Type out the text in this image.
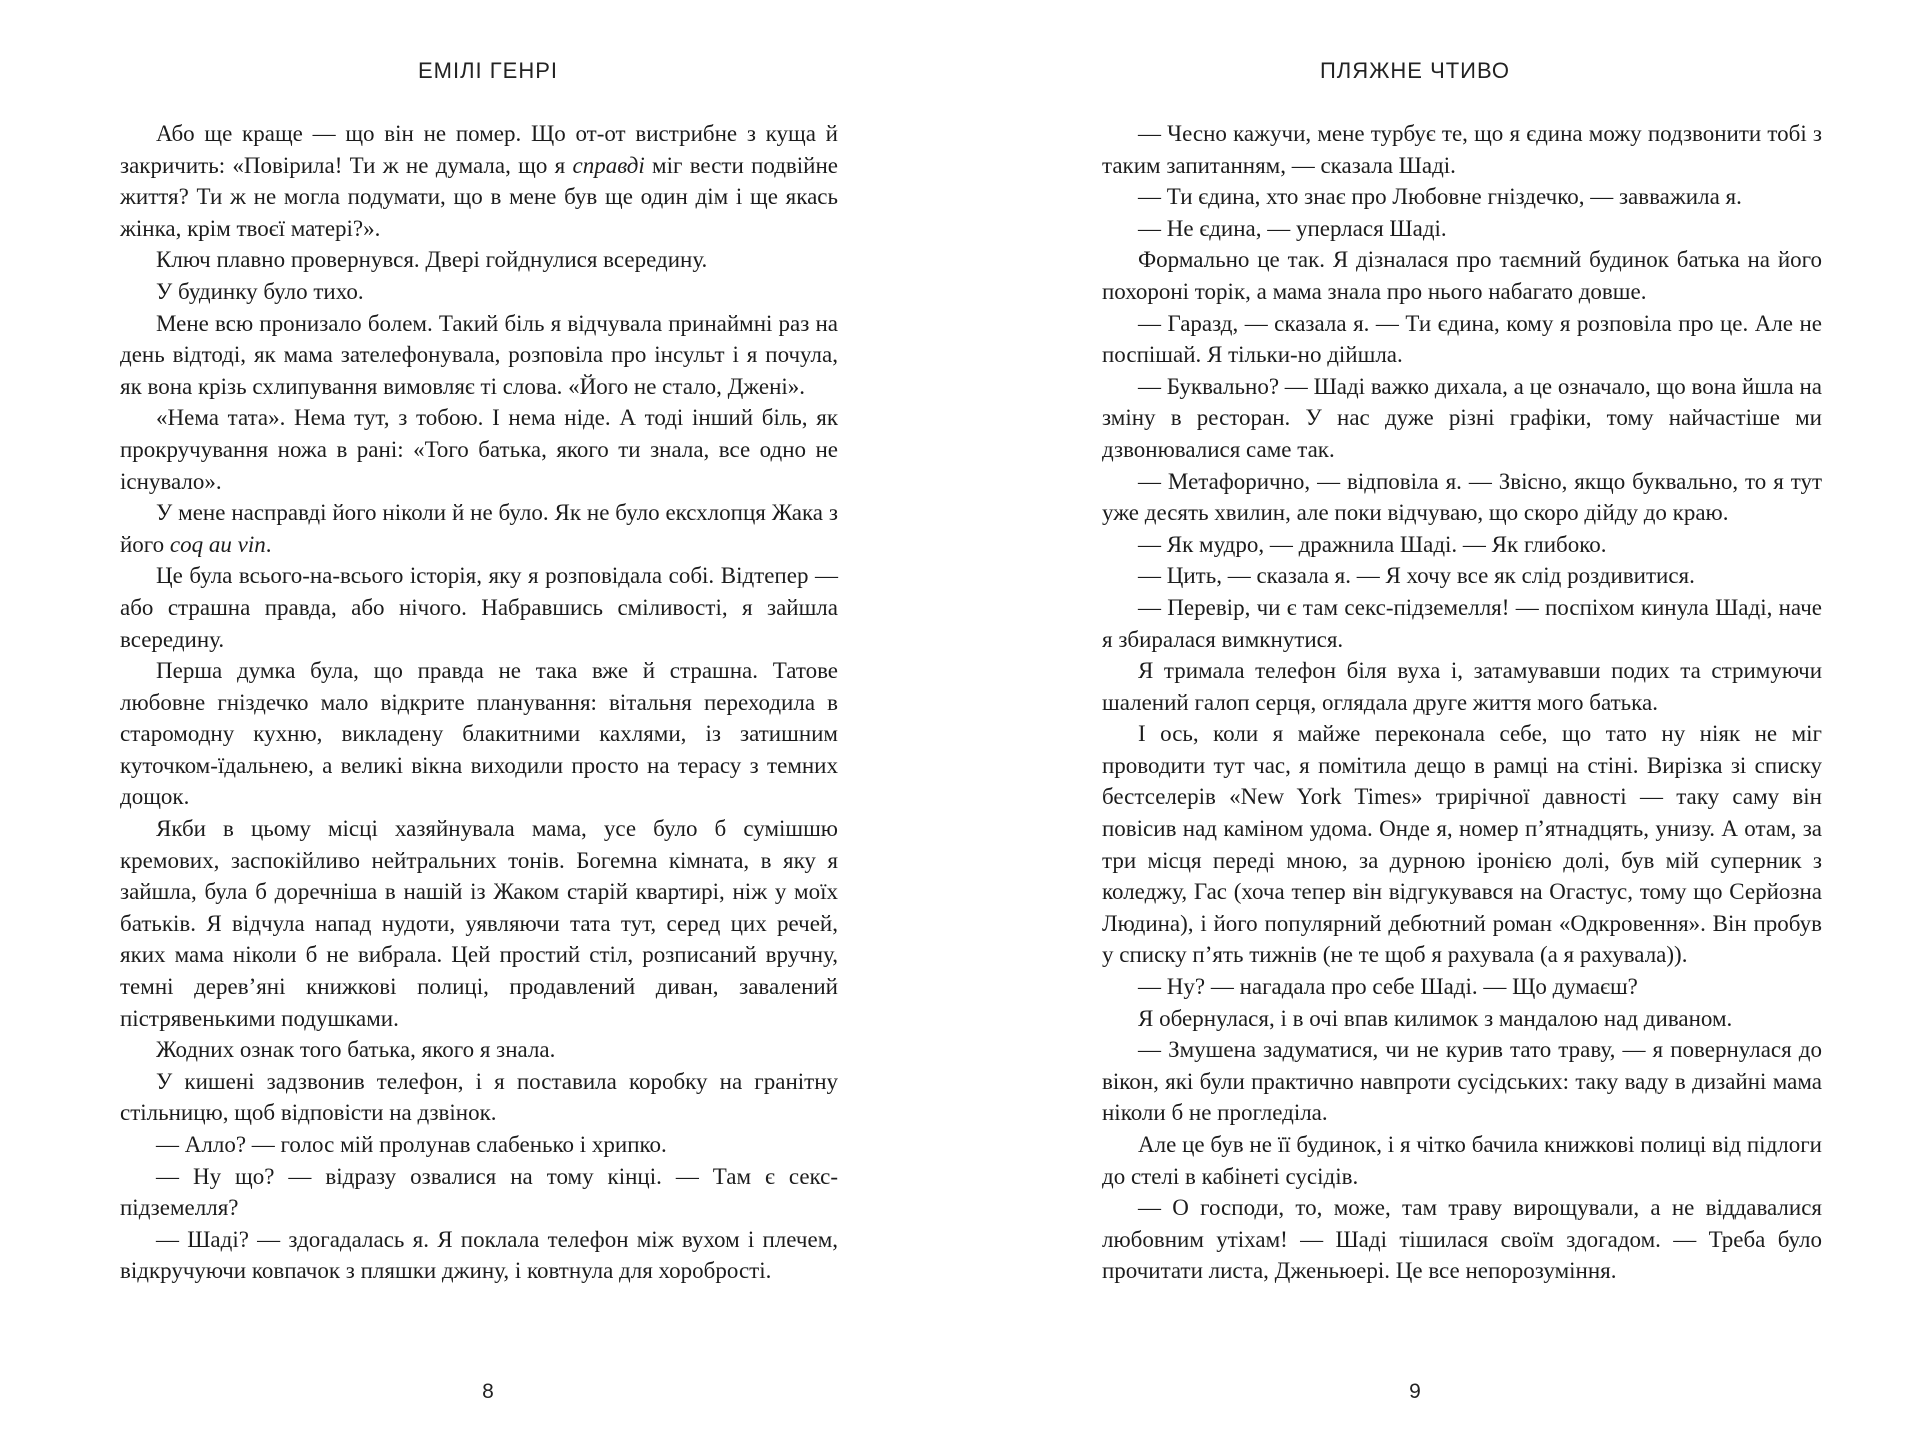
ЕМІЛІ ГЕНРІ

Або ще краще — що він не помер. Що от-от вистрибне з куща й закричить: «Повірила! Ти ж не думала, що я справді міг вести подвійне життя? Ти ж не могла подумати, що в мене був ще один дім і ще якась жінка, крім твоєї матері?».

Ключ плавно провернувся. Двері гойднулися всередину.

У будинку було тихо.

Мене всю пронизало болем. Такий біль я відчувала принаймні раз на день відтоді, як мама зателефонувала, розповіла про інсульт і я почула, як вона крізь схлипування вимовляє ті слова. «Його не стало, Джені».

«Нема тата». Нема тут, з тобою. І нема ніде. А тоді інший біль, як прокручування ножа в рані: «Того батька, якого ти знала, все одно не існувало».

У мене насправді його ніколи й не було. Як не було ексхлопця Жака з його coq au vin.

Це була всього-на-всього історія, яку я розповідала собі. Відтепер — або страшна правда, або нічого. Набравшись сміливості, я зайшла всередину.

Перша думка була, що правда не така вже й страшна. Татове любовне гніздечко мало відкрите планування: вітальня переходила в старомодну кухню, викладену блакитними кахлями, із затишним куточком-їдальнею, а великі вікна виходили просто на терасу з темних дощок.

Якби в цьому місці хазяйнувала мама, усе було б сумішшю кремових, заспокійливо нейтральних тонів. Богемна кімната, в яку я зайшла, була б доречніша в нашій із Жаком старій квартирі, ніж у моїх батьків. Я відчула напад нудоти, уявляючи тата тут, серед цих речей, яких мама ніколи б не вибрала. Цей простий стіл, розписаний вручну, темні дерев’яні книжкові полиці, продавлений диван, завалений пістрявенькими подушками.

Жодних ознак того батька, якого я знала.

У кишені задзвонив телефон, і я поставила коробку на гранітну стільницю, щоб відповісти на дзвінок.

— Алло? — голос мій пролунав слабенько і хрипко.

— Ну що? — відразу озвалися на тому кінці. — Там є секс-підземелля?

— Шаді? — здогадалась я. Я поклала телефон між вухом і плечем, відкручуючи ковпачок з пляшки джину, і ковтнула для хоробрості.

8
ПЛЯЖНЕ ЧТИВО

— Чесно кажучи, мене турбує те, що я єдина можу подзвонити тобі з таким запитанням, — сказала Шаді.

— Ти єдина, хто знає про Любовне гніздечко, — завважила я.

— Не єдина, — уперлася Шаді.

Формально це так. Я дізналася про таємний будинок батька на його похороні торік, а мама знала про нього набагато довше.

— Гаразд, — сказала я. — Ти єдина, кому я розповіла про це. Але не поспішай. Я тільки-но дійшла.

— Буквально? — Шаді важко дихала, а це означало, що вона йшла на зміну в ресторан. У нас дуже різні графіки, тому найчастіше ми дзвонювалися саме так.

— Метафорично, — відповіла я. — Звісно, якщо буквально, то я тут уже десять хвилин, але поки відчуваю, що скоро дійду до краю.

— Як мудро, — дражнила Шаді. — Як глибоко.

— Цить, — сказала я. — Я хочу все як слід роздивитися.

— Перевір, чи є там секс-підземелля! — поспіхом кинула Шаді, наче я збиралася вимкнутися.

Я тримала телефон біля вуха і, затамувавши подих та стримуючи шалений галоп серця, оглядала друге життя мого батька.

І ось, коли я майже переконала себе, що тато ну ніяк не міг проводити тут час, я помітила дещо в рамці на стіні. Вирізка зі списку бестселерів «New York Times» трирічної давності — таку саму він повісив над каміном удома. Онде я, номер п’ятнадцять, унизу. А отам, за три місця переді мною, за дурною іронією долі, був мій суперник з коледжу, Гас (хоча тепер він відгукувався на Огастус, тому що Серйозна Людина), і його популярний дебютний роман «Одкровення». Він пробув у списку п’ять тижнів (не те щоб я рахувала (а я рахувала)).

— Ну? — нагадала про себе Шаді. — Що думаєш?

Я обернулася, і в очі впав килимок з мандалою над диваном.

— Змушена задуматися, чи не курив тато траву, — я повернулася до вікон, які були практично навпроти сусідських: таку ваду в дизайні мама ніколи б не прогледіла.

Але це був не її будинок, і я чітко бачила книжкові полиці від підлоги до стелі в кабінеті сусідів.

— О господи, то, може, там траву вирощували, а не віддавалися любовним утіхам! — Шаді тішилася своїм здогадом. — Треба було прочитати листа, Дженьюері. Це все непорозуміння.

9
